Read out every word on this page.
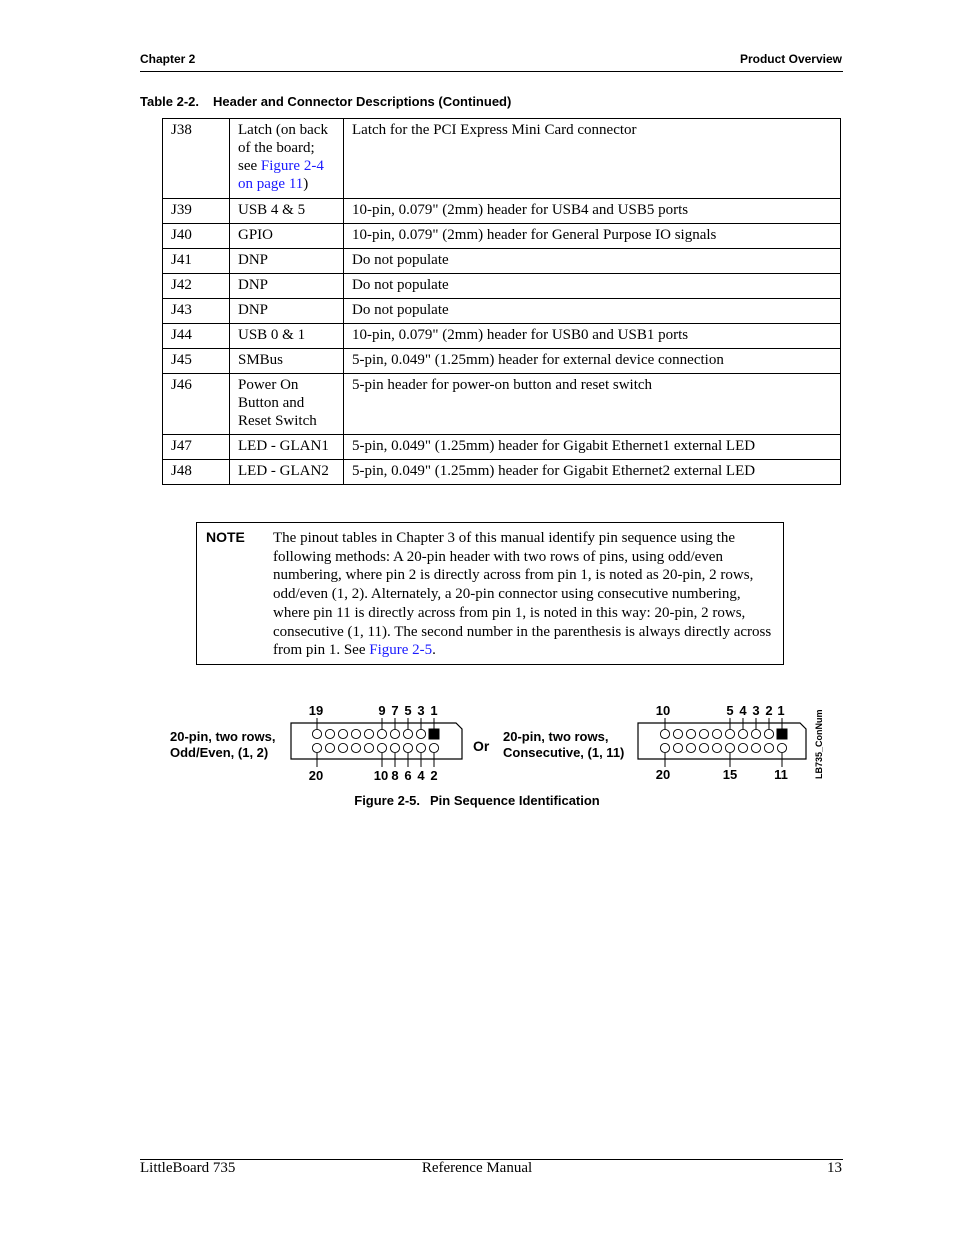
Chapter 2	Product Overview
Table 2-2. Header and Connector Descriptions (Continued)
J38	Latch (on back of the board; see Figure 2-4 on page 11)	Latch for the PCI Express Mini Card connector
J39	USB 4 & 5	10-pin, 0.079" (2mm) header for USB4 and USB5 ports
J40	GPIO	10-pin, 0.079" (2mm) header for General Purpose IO signals
J41	DNP	Do not populate
J42	DNP	Do not populate
J43	DNP	Do not populate
J44	USB 0 & 1	10-pin, 0.079" (2mm) header for USB0 and USB1 ports
J45	SMBus	5-pin, 0.049" (1.25mm) header for external device connection
J46	Power On Button and Reset Switch	5-pin header for power-on button and reset switch
J47	LED - GLAN1	5-pin, 0.049" (1.25mm) header for Gigabit Ethernet1 external LED
J48	LED - GLAN2	5-pin, 0.049" (1.25mm) header for Gigabit Ethernet2 external LED
NOTE The pinout tables in Chapter 3 of this manual identify pin sequence using the following methods: A 20-pin header with two rows of pins, using odd/even numbering, where pin 2 is directly across from pin 1, is noted as 20-pin, 2 rows, odd/even (1, 2). Alternately, a 20-pin connector using consecutive numbering, where pin 11 is directly across from pin 1, is noted in this way: 20-pin, 2 rows, consecutive (1, 11). The second number in the parenthesis is always directly across from pin 1. See Figure 2-5.
20-pin, two rows,
Odd/Even, (1, 2)
19	9 7 5 3 1
20	10 8 6 4 2
Or
20-pin, two rows,
Consecutive, (1, 11)
10	5 4 3 2 1
20	15	11	LB735_ConNum
Figure 2-5. Pin Sequence Identification
LittleBoard 735	Reference Manual	13
